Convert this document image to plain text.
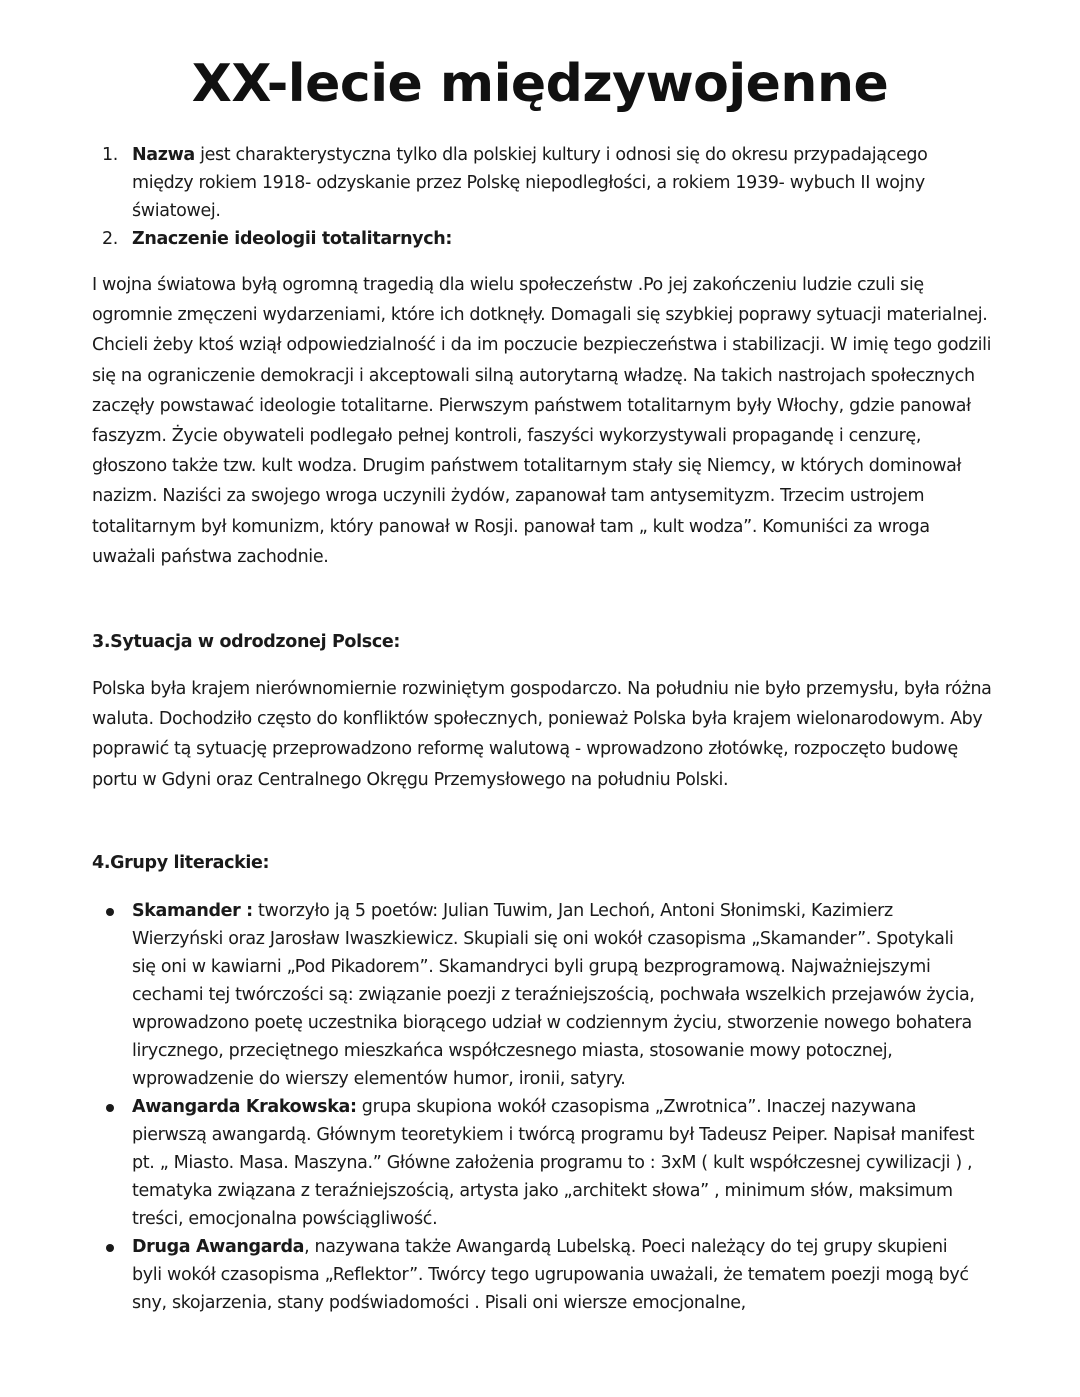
XX-lecie międzywojenne
1. Nazwa jest charakterystyczna tylko dla polskiej kultury i odnosi się do okresu przypadającego między rokiem 1918- odzyskanie przez Polskę niepodległości, a rokiem 1939- wybuch II wojny światowej.
2. Znaczenie ideologii totalitarnych:

I wojna światowa byłą ogromną tragedią dla wielu społeczeństw .Po jej zakończeniu ludzie czuli się ogromnie zmęczeni wydarzeniami, które ich dotknęły. Domagali się szybkiej poprawy sytuacji materialnej. Chcieli żeby ktoś wziął odpowiedzialność i da im poczucie bezpieczeństwa i stabilizacji. W imię tego godzili się na ograniczenie demokracji i akceptowali silną autorytarną władzę. Na takich nastrojach społecznych zaczęły powstawać ideologie totalitarne. Pierwszym państwem totalitarnym były Włochy, gdzie panował faszyzm. Życie obywateli podlegało pełnej kontroli, faszyści wykorzystywali propagandę i cenzurę, głoszono także tzw. kult wodza. Drugim państwem totalitarnym stały się Niemcy, w których dominował nazizm. Naziści za swojego wroga uczynili żydów, zapanował tam antysemityzm. Trzecim ustrojem totalitarnym był komunizm, który panował w Rosji. panował tam „ kult wodza”. Komuniści za wroga uważali państwa zachodnie.

3.Sytuacja w odrodzonej Polsce:

Polska była krajem nierównomiernie rozwiniętym gospodarczo. Na południu nie było przemysłu, była różna waluta. Dochodziło często do konfliktów społecznych, ponieważ Polska była krajem wielonarodowym. Aby poprawić tą sytuację przeprowadzono reformę walutową - wprowadzono złotówkę, rozpoczęto budowę portu w Gdyni oraz Centralnego Okręgu Przemysłowego na południu Polski.

4.Grupy literackie:
Skamander : tworzyło ją 5 poetów: Julian Tuwim, Jan Lechoń, Antoni Słonimski, Kazimierz Wierzyński oraz Jarosław Iwaszkiewicz. Skupiali się oni wokół czasopisma „Skamander”. Spotykali się oni w kawiarni „Pod Pikadorem”. Skamandryci byli grupą bezprogramową. Najważniejszymi cechami tej twórczości są: związanie poezji z teraźniejszością, pochwała wszelkich przejawów życia, wprowadzono poetę uczestnika biorącego udział w codziennym życiu, stworzenie nowego bohatera lirycznego, przeciętnego mieszkańca współczesnego miasta, stosowanie mowy potocznej, wprowadzenie do wierszy elementów humor, ironii, satyry.
Awangarda Krakowska: grupa skupiona wokół czasopisma „Zwrotnica”. Inaczej nazywana pierwszą awangardą. Głównym teoretykiem i twórcą programu był Tadeusz Peiper. Napisał manifest pt. „ Miasto. Masa. Maszyna.” Główne założenia programu to : 3xM ( kult współczesnej cywilizacji ) , tematyka związana z teraźniejszością, artysta jako „architekt słowa” , minimum słów, maksimum treści, emocjonalna powściągliwość.
Druga Awangarda, nazywana także Awangardą Lubelską. Poeci należący do tej grupy skupieni byli wokół czasopisma „Reflektor”. Twórcy tego ugrupowania uważali, że tematem poezji mogą być sny, skojarzenia, stany podświadomości . Pisali oni wiersze emocjonalne,
